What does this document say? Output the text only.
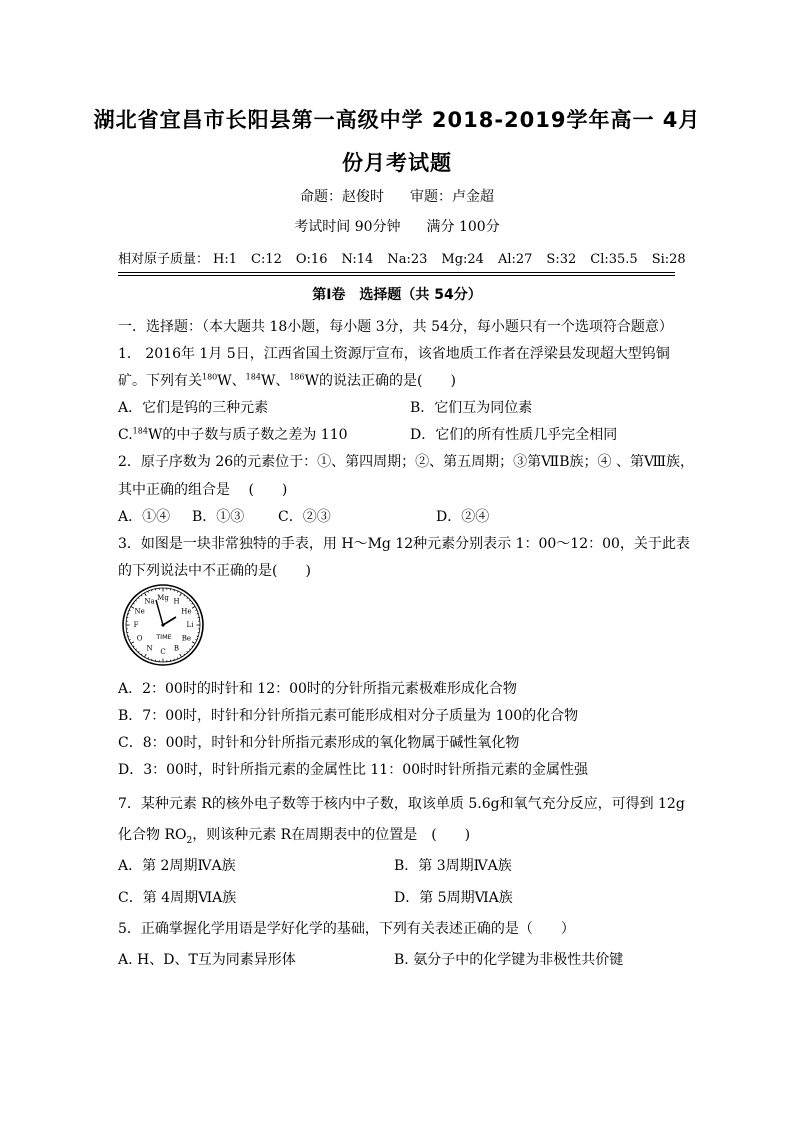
湖北省宜昌市长阳县第一高级中学 2018-2019学年高一 4月
份月考试题
命题：赵俊时 审题：卢金超
考试时间 90分钟 满分 100分
相对原子质量： H:1 C:12 O:16 N:14 Na:23 Mg:24 Al:27 S:32 Cl:35.5 Si:28
第Ⅰ卷　选择题（共 54分）
一．选择题：（本大题共 18小题，每小题 3分，共 54分，每小题只有一个选项符合题意）
1． 2016年 1月 5日，江西省国土资源厅宣布，该省地质工作者在浮梁县发现超大型钨铜
矿。下列有关$^{180}$W、$^{184}$W、$^{186}$W的说法正确的是(　　)
A．它们是钨的三种元素	B．它们互为同位素
C.$^{184}$W的中子数与质子数之差为 110	D．它们的所有性质几乎完全相同
2．原子序数为 26的元素位于：①、第四周期；②、第五周期；③第ⅦB族；④ 、第Ⅷ族，
其中正确的组合是　 (　　)
A．①④ B．①③ C．②③	D．②④
3．如图是一块非常独特的手表，用 H～Mg 12种元素分别表示 1：00～12：00，关于此表
的下列说法中不正确的是(　　)
H
He
Li
Be
B
C
N
O
F
Ne
Na Mg
TIME
A．2：00时的时针和 12：00时的分针所指元素极难形成化合物
B．7：00时，时针和分针所指元素可能形成相对分子质量为 100的化合物
C．8：00时，时针和分针所指元素形成的氧化物属于碱性氧化物
D．3：00时，时针所指元素的金属性比 11：00时时针所指元素的金属性强
7．某种元素 R的核外电子数等于核内中子数，取该单质 5.6g和氧气充分反应，可得到 12g
化合物 $RO_2$，则该种元素 R在周期表中的位置是　(　　)
A．第 2周期ⅣA族	B．第 3周期ⅣA族
C．第 4周期ⅥA族	D．第 5周期ⅥA族
5．正确掌握化学用语是学好化学的基础，下列有关表述正确的是（　　）
A. H、D、T互为同素异形体	B. 氨分子中的化学键为非极性共价键
